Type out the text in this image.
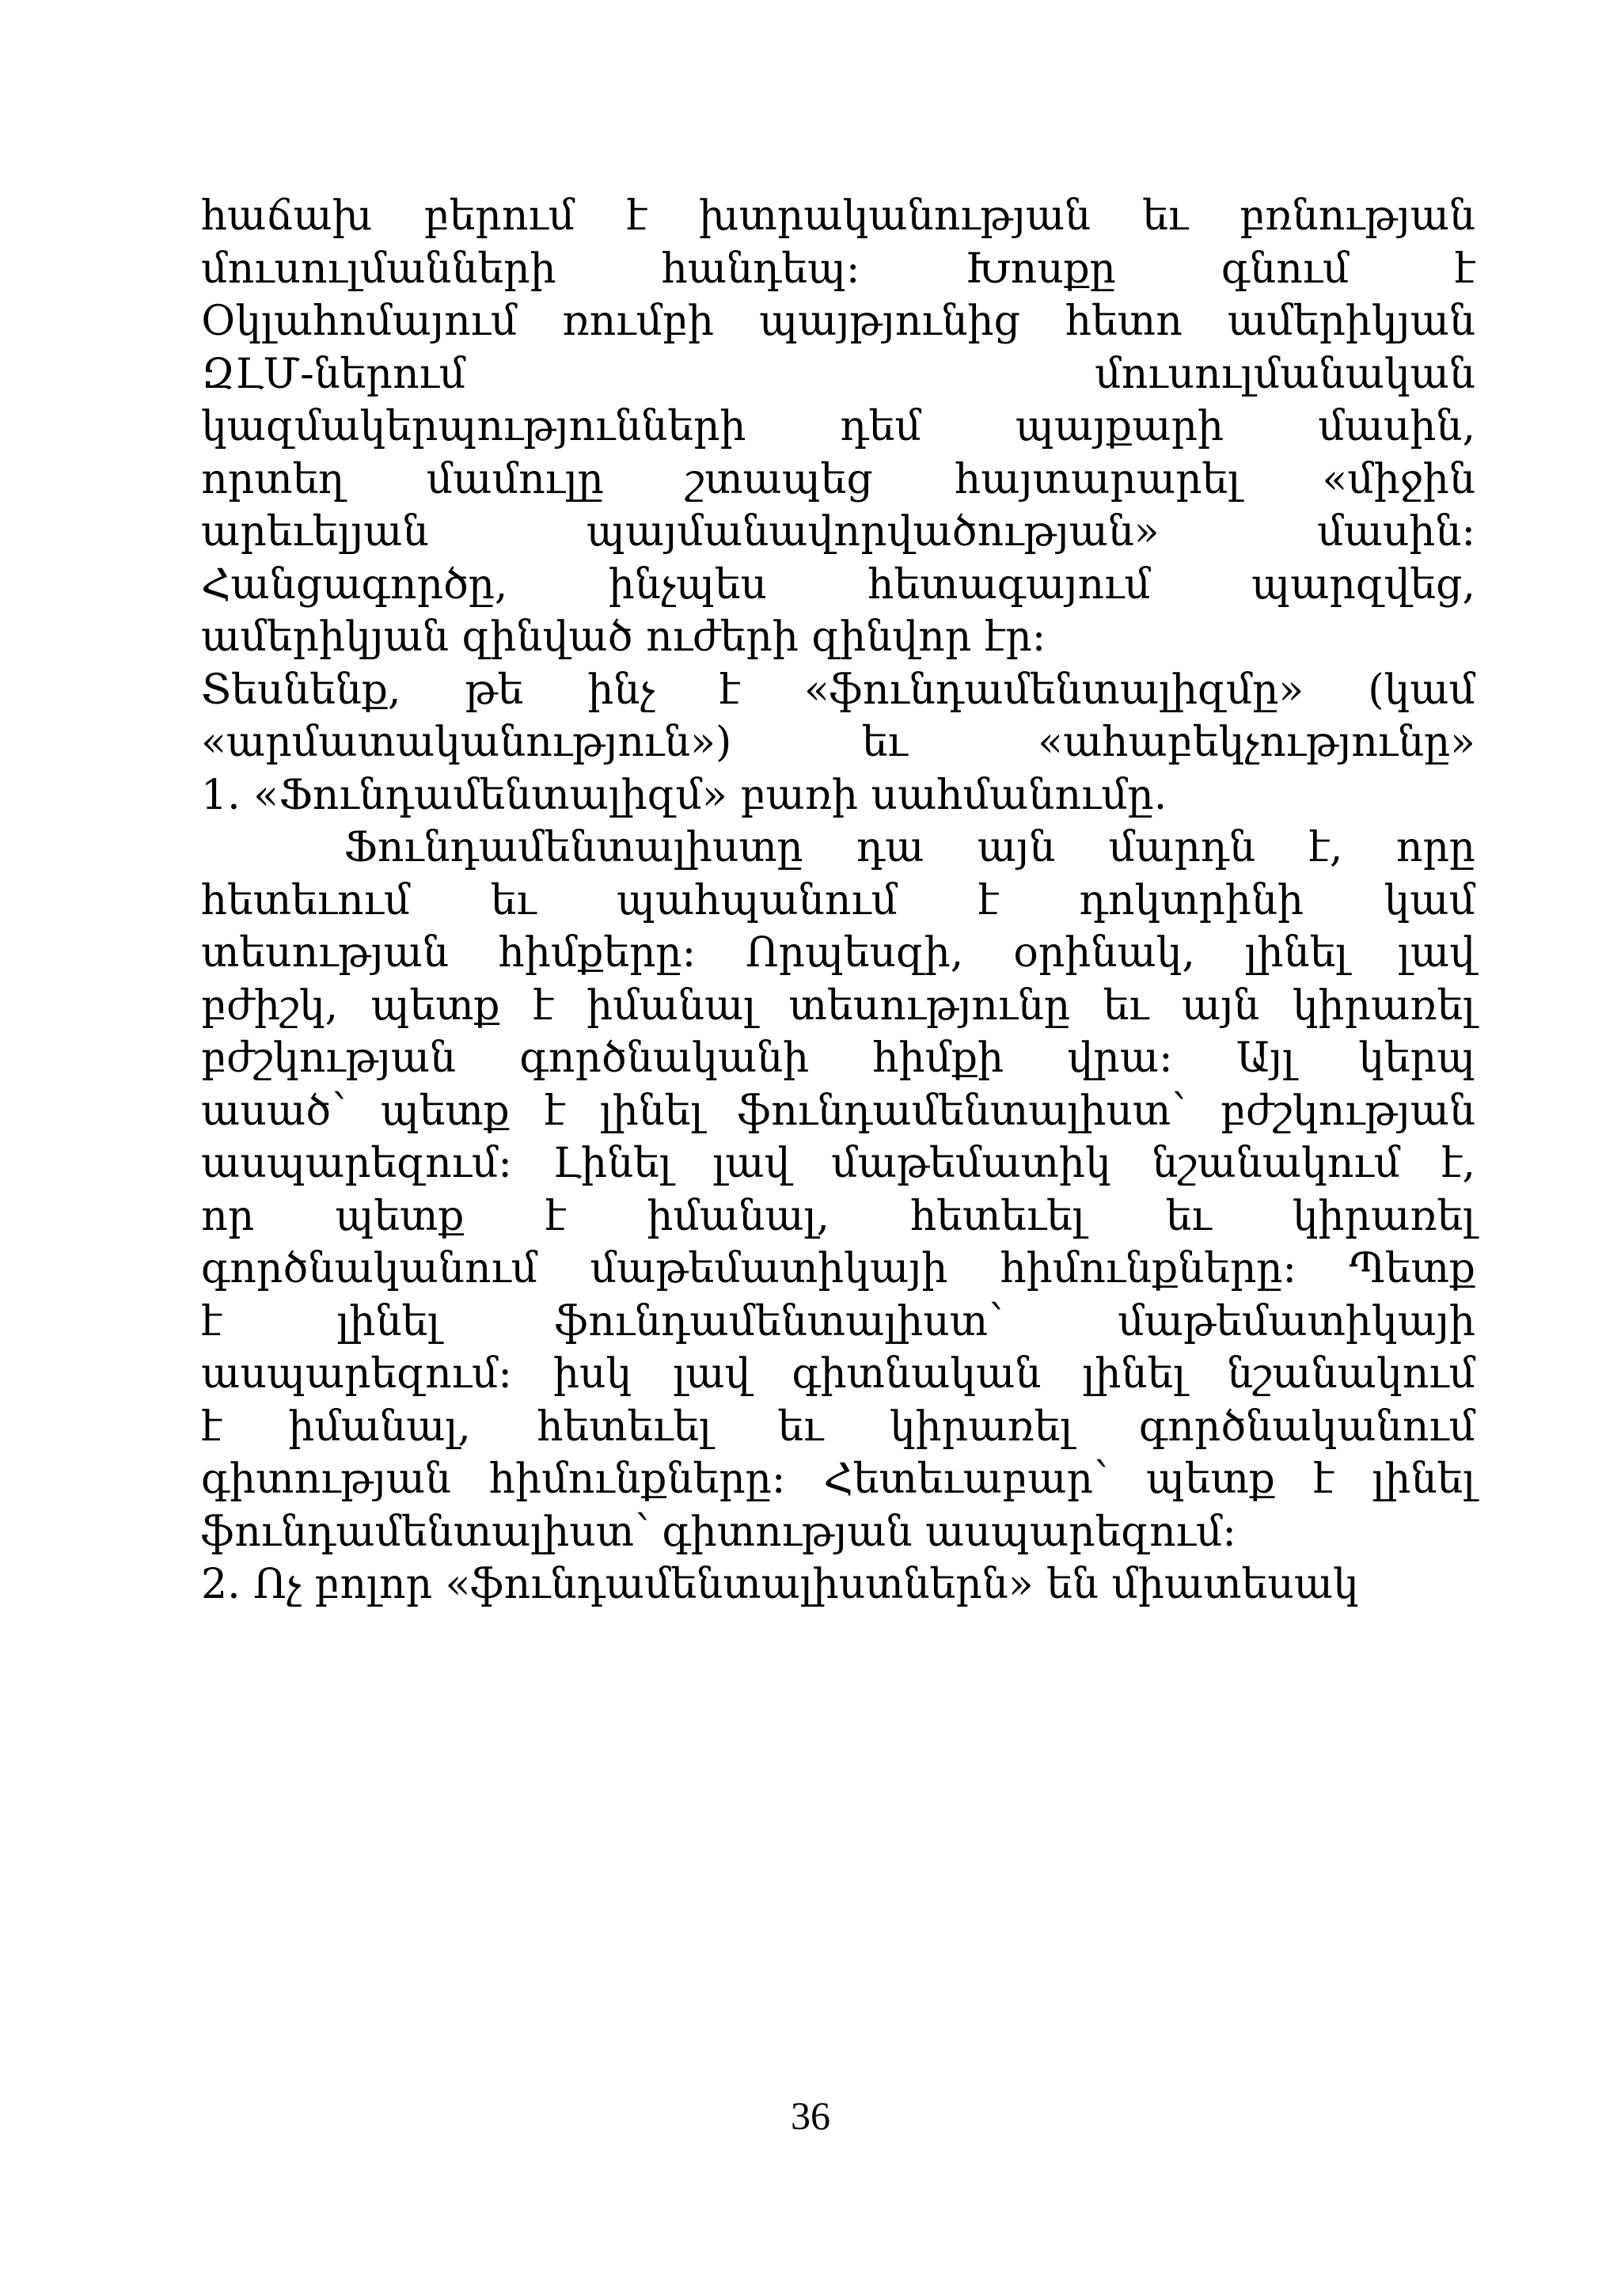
հաճախ բերում է խտրականության եւ բռնության
մուսուլմանների հանդեպ: Խոսքը գնում է
Օկլահոմայում ռումբի պայթյունից հետո ամերիկյան
ԶԼՄ-ներում մուսուլմանական
կազմակերպությունների դեմ պայքարի մասին,
որտեղ մամուլը շտապեց հայտարարել «միջին
արեւելյան պայմանավորվածության» մասին:
Հանցագործը, ինչպես հետագայում պարզվեց,
ամերիկյան զինված ուժերի զինվոր էր:
Տեսնենք, թե ինչ է «ֆունդամենտալիզմը» (կամ
«արմատականություն») եւ «ահաբեկչությունը»
1. «Ֆունդամենտալիզմ» բառի սահմանումը.
Ֆունդամենտալիստը դա այն մարդն է, որը
հետեւում եւ պահպանում է դոկտրինի կամ
տեսության հիմքերը: Որպեսզի, օրինակ, լինել լավ
բժիշկ, պետք է իմանալ տեսությունը եւ այն կիրառել
բժշկության գործնականի հիմքի վրա: Այլ կերպ
ասած՝ պետք է լինել ֆունդամենտալիստ՝ բժշկության
ասպարեզում: Լինել լավ մաթեմատիկ նշանակում է,
որ պետք է իմանալ, հետեւել եւ կիրառել
գործնականում մաթեմատիկայի հիմունքները: Պետք
է լինել ֆունդամենտալիստ՝ մաթեմատիկայի
ասպարեզում: իսկ լավ գիտնական լինել նշանակում
է իմանալ, հետեւել եւ կիրառել գործնականում
գիտության հիմունքները: Հետեւաբար՝ պետք է լինել
ֆունդամենտալիստ՝ գիտության ասպարեզում:
2. Ոչ բոլոր «ֆունդամենտալիստներն» են միատեսակ
36
